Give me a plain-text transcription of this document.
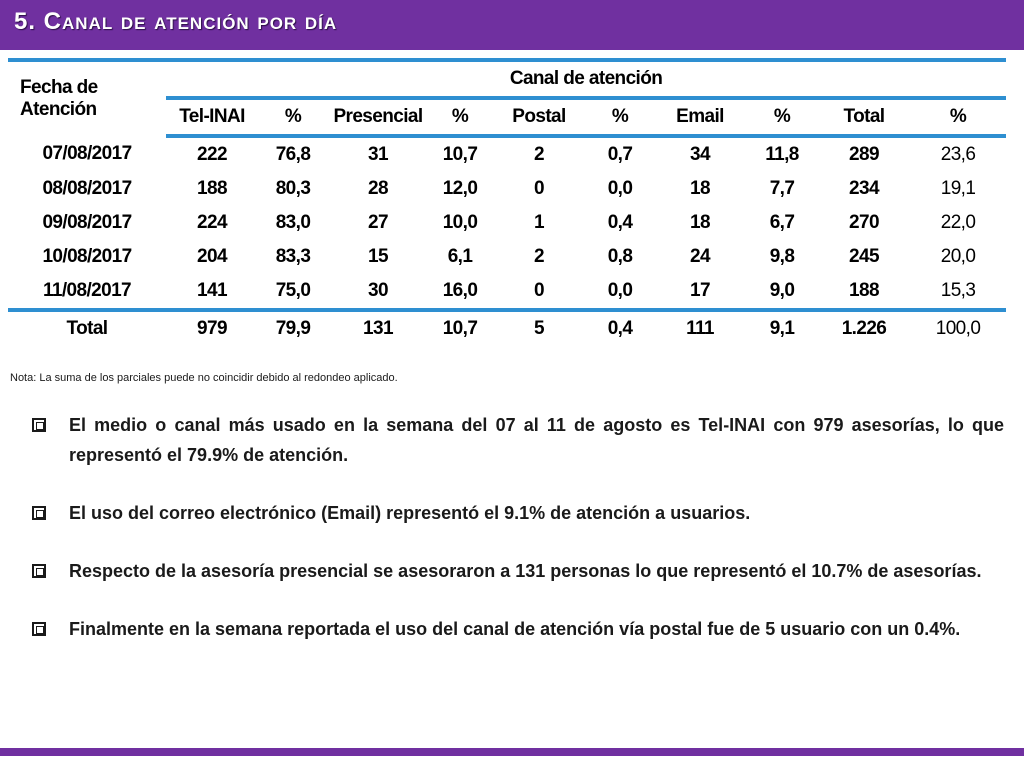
5. Canal de atención por día
Fecha de Atención	Canal de atención									
	Tel-INAI	%	Presencial	%	Postal	%	Email	%	Total	%
07/08/2017	222	76,8	31	10,7	2	0,7	34	11,8	289	23,6
08/08/2017	188	80,3	28	12,0	0	0,0	18	7,7	234	19,1
09/08/2017	224	83,0	27	10,0	1	0,4	18	6,7	270	22,0
10/08/2017	204	83,3	15	6,1	2	0,8	24	9,8	245	20,0
11/08/2017	141	75,0	30	16,0	0	0,0	17	9,0	188	15,3
Total	979	79,9	131	10,7	5	0,4	111	9,1	1.226	100,0
Nota: La suma de los parciales puede no coincidir debido al redondeo aplicado.
El medio o canal más usado en la semana del 07 al 11 de agosto es Tel-INAI con 979 asesorías, lo que representó el 79.9% de atención.
El uso del correo electrónico (Email) representó el 9.1% de atención a usuarios.
Respecto de la asesoría presencial se asesoraron a 131 personas lo que representó el 10.7% de asesorías.
Finalmente en la semana reportada el uso del canal de atención vía postal fue de 5 usuario con un 0.4%.
